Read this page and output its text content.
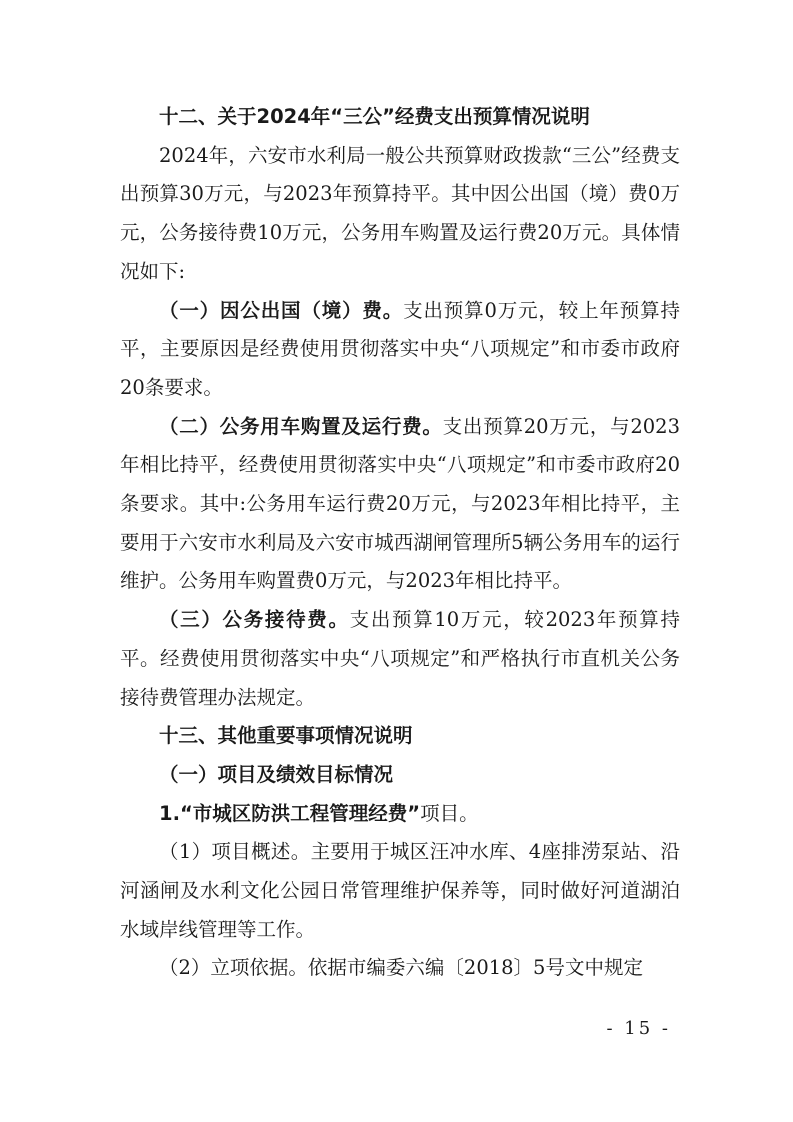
十二、关于2024年“三公”经费支出预算情况说明

2024年，六安市水利局一般公共预算财政拨款“三公”经费支出预算30万元，与2023年预算持平。其中因公出国（境）费0万元，公务接待费10万元，公务用车购置及运行费20万元。具体情况如下:

（一）因公出国（境）费。支出预算0万元，较上年预算持平，主要原因是经费使用贯彻落实中央“八项规定”和市委市政府20条要求。

（二）公务用车购置及运行费。支出预算20万元，与2023年相比持平，经费使用贯彻落实中央“八项规定”和市委市政府20条要求。其中:公务用车运行费20万元，与2023年相比持平，主要用于六安市水利局及六安市城西湖闸管理所5辆公务用车的运行维护。公务用车购置费0万元，与2023年相比持平。

（三）公务接待费。支出预算10万元，较2023年预算持平。经费使用贯彻落实中央“八项规定”和严格执行市直机关公务接待费管理办法规定。

十三、其他重要事项情况说明

（一）项目及绩效目标情况

1.“市城区防洪工程管理经费”项目。

（1）项目概述。主要用于城区汪冲水库、4座排涝泵站、沿河涵闸及水利文化公园日常管理维护保养等，同时做好河道湖泊水域岸线管理等工作。

（2）立项依据。依据市编委六编〔2018〕5号文中规定

- 15 -
